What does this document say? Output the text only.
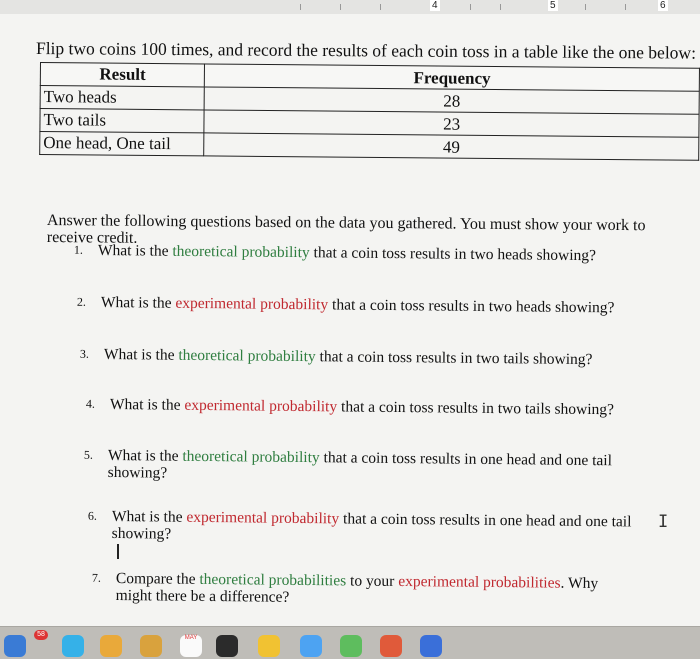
4	5	6
Flip two coins 100 times, and record the results of each coin toss in a table like the one below:
Result	Frequency
Two heads	28
Two tails	23
One head, One tail	49
Answer the following questions based on the data you gathered. You must show your work to receive credit.
1. What is the theoretical probability that a coin toss results in two heads showing?
2. What is the experimental probability that a coin toss results in two heads showing?
3. What is the theoretical probability that a coin toss results in two tails showing?
4. What is the experimental probability that a coin toss results in two tails showing?
5. What is the theoretical probability that a coin toss results in one head and one tail showing?
6. What is the experimental probability that a coin toss results in one head and one tail showing?
7. Compare the theoretical probabilities to your experimental probabilities. Why might there be a difference?
I
MAY
58
